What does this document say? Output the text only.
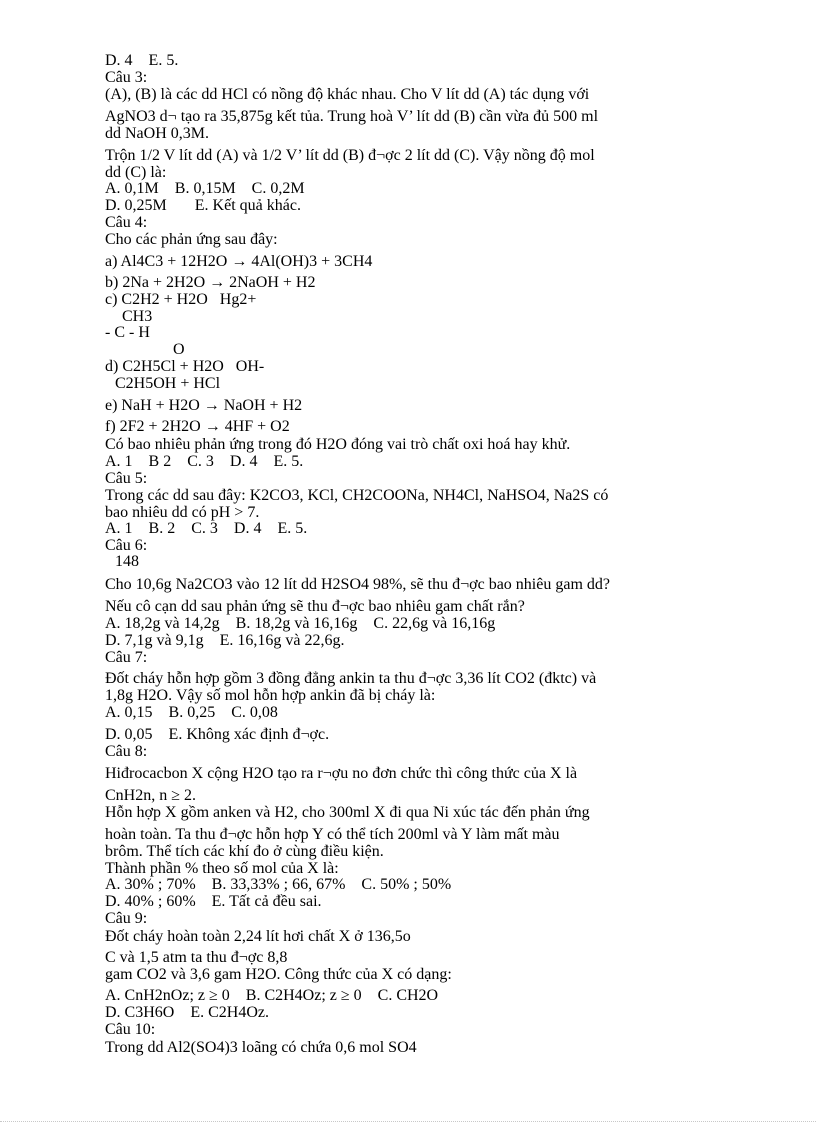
D. 4    E. 5.
Câu 3:
(A), (B) là các dd HCl có nồng độ khác nhau. Cho V lít dd (A) tác dụng với
AgNO3 d¬ tạo ra 35,875g kết tủa. Trung hoà V’ lít dd (B) cần vừa đủ 500 ml
dd NaOH 0,3M.
Trộn 1/2 V lít dd (A) và 1/2 V’ lít dd (B) đ¬ợc 2 lít dd (C). Vậy nồng độ mol
dd (C) là:
A. 0,1M    B. 0,15M    C. 0,2M
D. 0,25M       E. Kết quả khác.
Câu 4:
Cho các phản ứng sau đây:
a) Al4C3 + 12H2O → 4Al(OH)3 + 3CH4
b) 2Na + 2H2O → 2NaOH + H2
c) C2H2 + H2O   Hg2+
CH3
- C - H
O
d) C2H5Cl + H2O   OH-
C2H5OH + HCl
e) NaH + H2O → NaOH + H2
f) 2F2 + 2H2O → 4HF + O2
Có bao nhiêu phản ứng trong đó H2O đóng vai trò chất oxi hoá hay khử.
A. 1    B 2    C. 3    D. 4    E. 5.
Câu 5:
Trong các dd sau đây: K2CO3, KCl, CH2COONa, NH4Cl, NaHSO4, Na2S có
bao nhiêu dd có pH > 7.
A. 1    B. 2    C. 3    D. 4    E. 5.
Câu 6:
148
Cho 10,6g Na2CO3 vào 12 lít dd H2SO4 98%, sẽ thu đ¬ợc bao nhiêu gam dd?
Nếu cô cạn dd sau phản ứng sẽ thu đ¬ợc bao nhiêu gam chất rắn?
A. 18,2g và 14,2g    B. 18,2g và 16,16g    C. 22,6g và 16,16g
D. 7,1g và 9,1g    E. 16,16g và 22,6g.
Câu 7:
Đốt cháy hỗn hợp gồm 3 đồng đẳng ankin ta thu đ¬ợc 3,36 lít CO2 (đktc) và
1,8g H2O. Vậy số mol hỗn hợp ankin đã bị cháy là:
A. 0,15    B. 0,25    C. 0,08
D. 0,05    E. Không xác định đ¬ợc.
Câu 8:
Hiđrocacbon X cộng H2O tạo ra r¬ợu no đơn chức thì công thức của X là
CnH2n, n ≥ 2.
Hỗn hợp X gồm anken và H2, cho 300ml X đi qua Ni xúc tác đến phản ứng
hoàn toàn. Ta thu đ¬ợc hỗn hợp Y có thể tích 200ml và Y làm mất màu
brôm. Thể tích các khí đo ở cùng điều kiện.
Thành phần % theo số mol của X là:
A. 30% ; 70%    B. 33,33% ; 66, 67%    C. 50% ; 50%
D. 40% ; 60%    E. Tất cả đều sai.
Câu 9:
Đốt cháy hoàn toàn 2,24 lít hơi chất X ở 136,5o
C và 1,5 atm ta thu đ¬ợc 8,8
gam CO2 và 3,6 gam H2O. Công thức của X có dạng:
A. CnH2nOz; z ≥ 0    B. C2H4Oz; z ≥ 0    C. CH2O
D. C3H6O    E. C2H4Oz.
Câu 10:
Trong dd Al2(SO4)3 loãng có chứa 0,6 mol SO4
